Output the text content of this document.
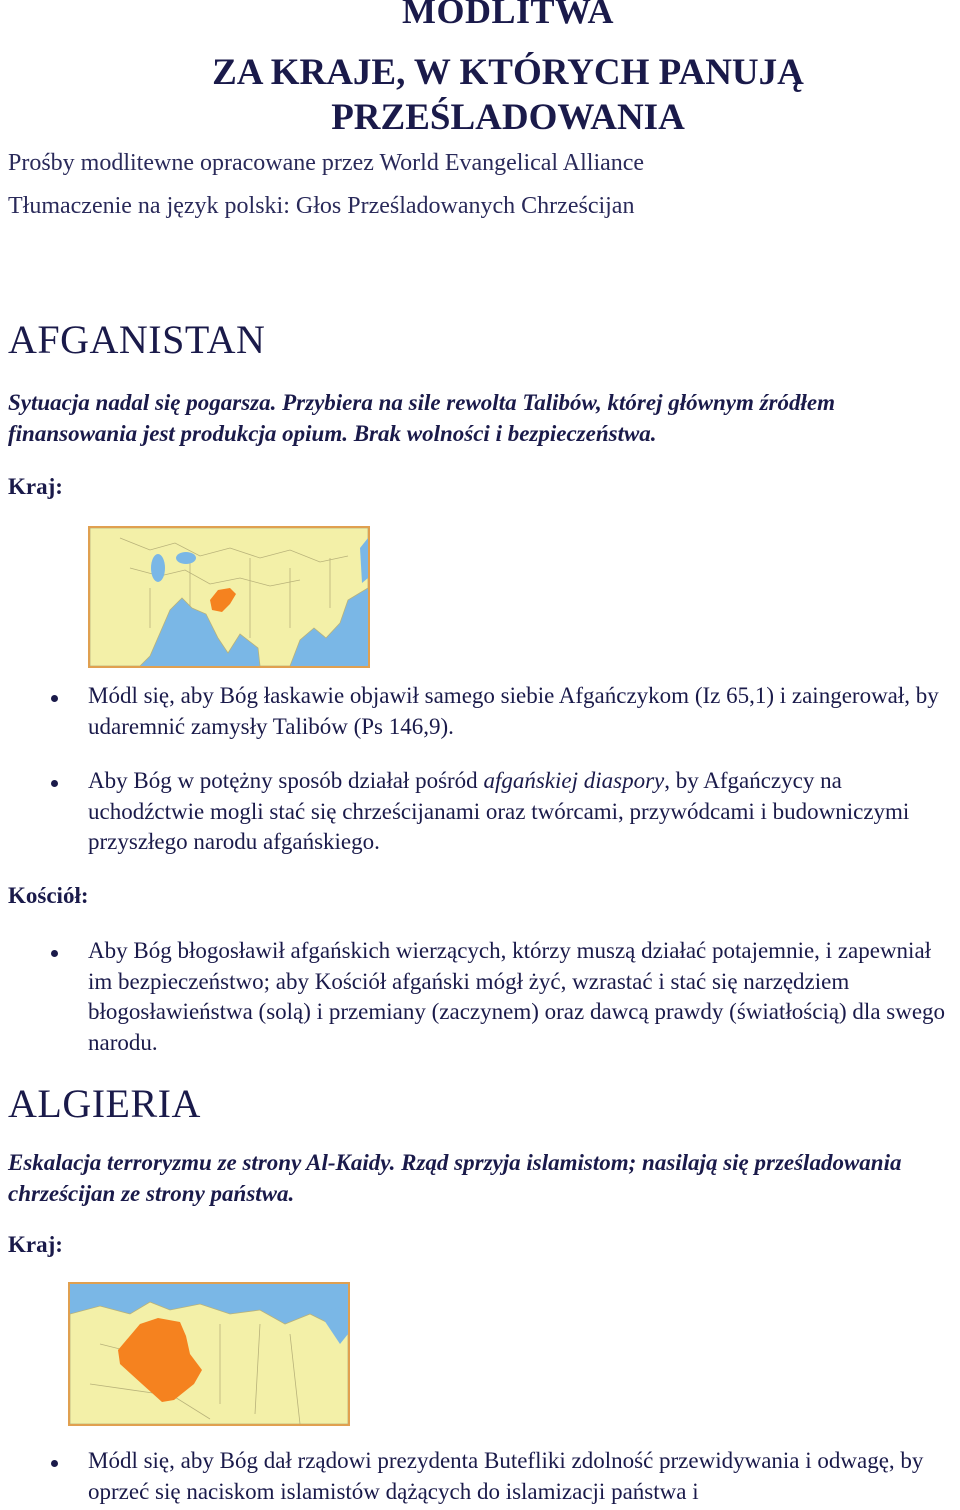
MODLITWA
ZA KRAJE, W KTÓRYCH PANUJĄ
PRZEŚLADOWANIA

Prośby modlitewne opracowane przez World Evangelical Alliance

Tłumaczenie na język polski: Głos Prześladowanych Chrześcijan

AFGANISTAN

Sytuacja nadal się pogarsza. Przybiera na sile rewolta Talibów, której głównym źródłem finansowania jest produkcja opium. Brak wolności i bezpieczeństwa.

Kraj:

Módl się, aby Bóg łaskawie objawił samego siebie Afgańczykom (Iz 65,1) i zaingerował, by udaremnić zamysły Talibów (Ps 146,9).

Aby Bóg w potężny sposób działał pośród afgańskiej diaspory, by Afgańczycy na uchodźctwie mogli stać się chrześcijanami oraz twórcami, przywódcami i budowniczymi przyszłego narodu afgańskiego.

Kościół:

Aby Bóg błogosławił afgańskich wierzących, którzy muszą działać potajemnie, i zapewniał im bezpieczeństwo; aby Kościół afgański mógł żyć, wzrastać i stać się narzędziem błogosławieństwa (solą) i przemiany (zaczynem) oraz dawcą prawdy (światłością) dla swego narodu.

ALGIERIA

Eskalacja terroryzmu ze strony Al-Kaidy. Rząd sprzyja islamistom; nasilają się prześladowania chrześcijan ze strony państwa.

Kraj:

Módl się, aby Bóg dał rządowi prezydenta Butefliki zdolność przewidywania i odwagę, by oprzeć się naciskom islamistów dążących do islamizacji państwa i
